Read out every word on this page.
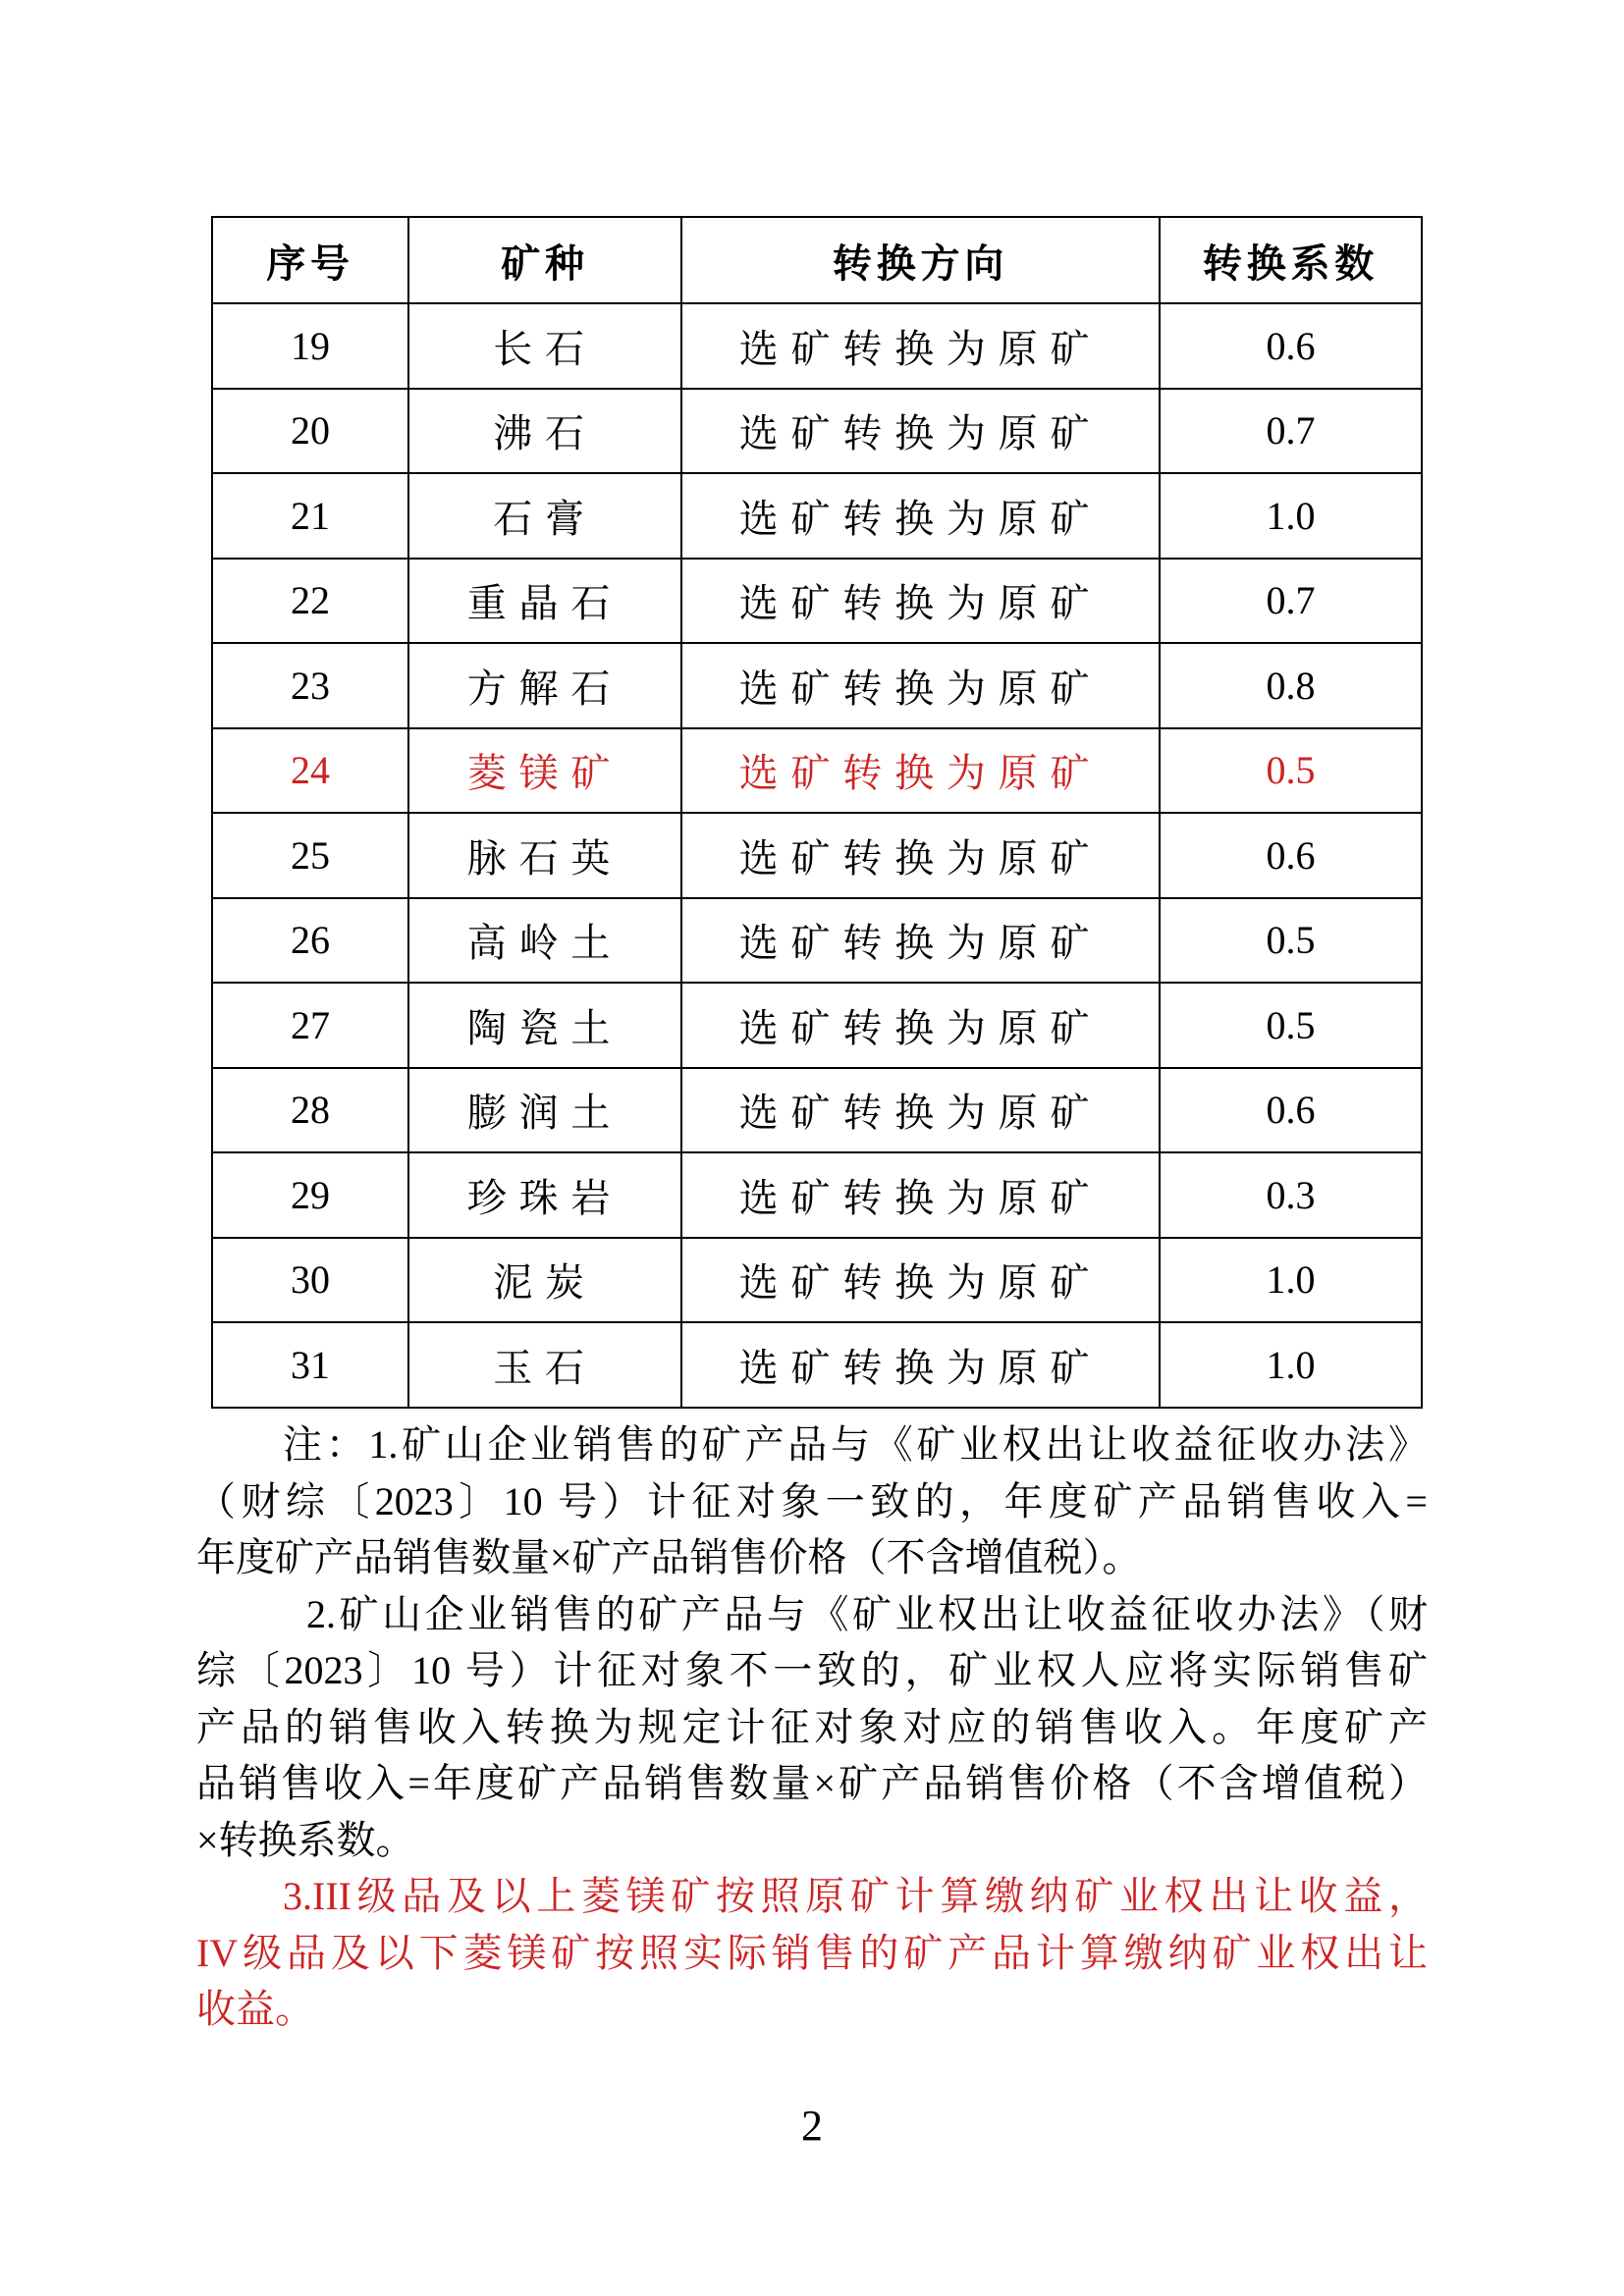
序号	矿种	转换方向	转换系数
19	长石	选矿转换为原矿	0.6
20	沸石	选矿转换为原矿	0.7
21	石膏	选矿转换为原矿	1.0
22	重晶石	选矿转换为原矿	0.7
23	方解石	选矿转换为原矿	0.8
24	菱镁矿	选矿转换为原矿	0.5
25	脉石英	选矿转换为原矿	0.6
26	高岭土	选矿转换为原矿	0.5
27	陶瓷土	选矿转换为原矿	0.5
28	膨润土	选矿转换为原矿	0.6
29	珍珠岩	选矿转换为原矿	0.3
30	泥炭	选矿转换为原矿	1.0
31	玉石	选矿转换为原矿	1.0
注：1.矿山企业销售的矿产品与《矿业权出让收益征收办法》
（财综〔2023〕10 号）计征对象一致的，年度矿产品销售收入=
年度矿产品销售数量×矿产品销售价格（不含增值税）。
2.矿山企业销售的矿产品与《矿业权出让收益征收办法》（财
综〔2023〕10 号）计征对象不一致的，矿业权人应将实际销售矿
产品的销售收入转换为规定计征对象对应的销售收入。年度矿产
品销售收入=年度矿产品销售数量×矿产品销售价格（不含增值税）
×转换系数。
3.III级品及以上菱镁矿按照原矿计算缴纳矿业权出让收益，
IV级品及以下菱镁矿按照实际销售的矿产品计算缴纳矿业权出让
收益。
2
